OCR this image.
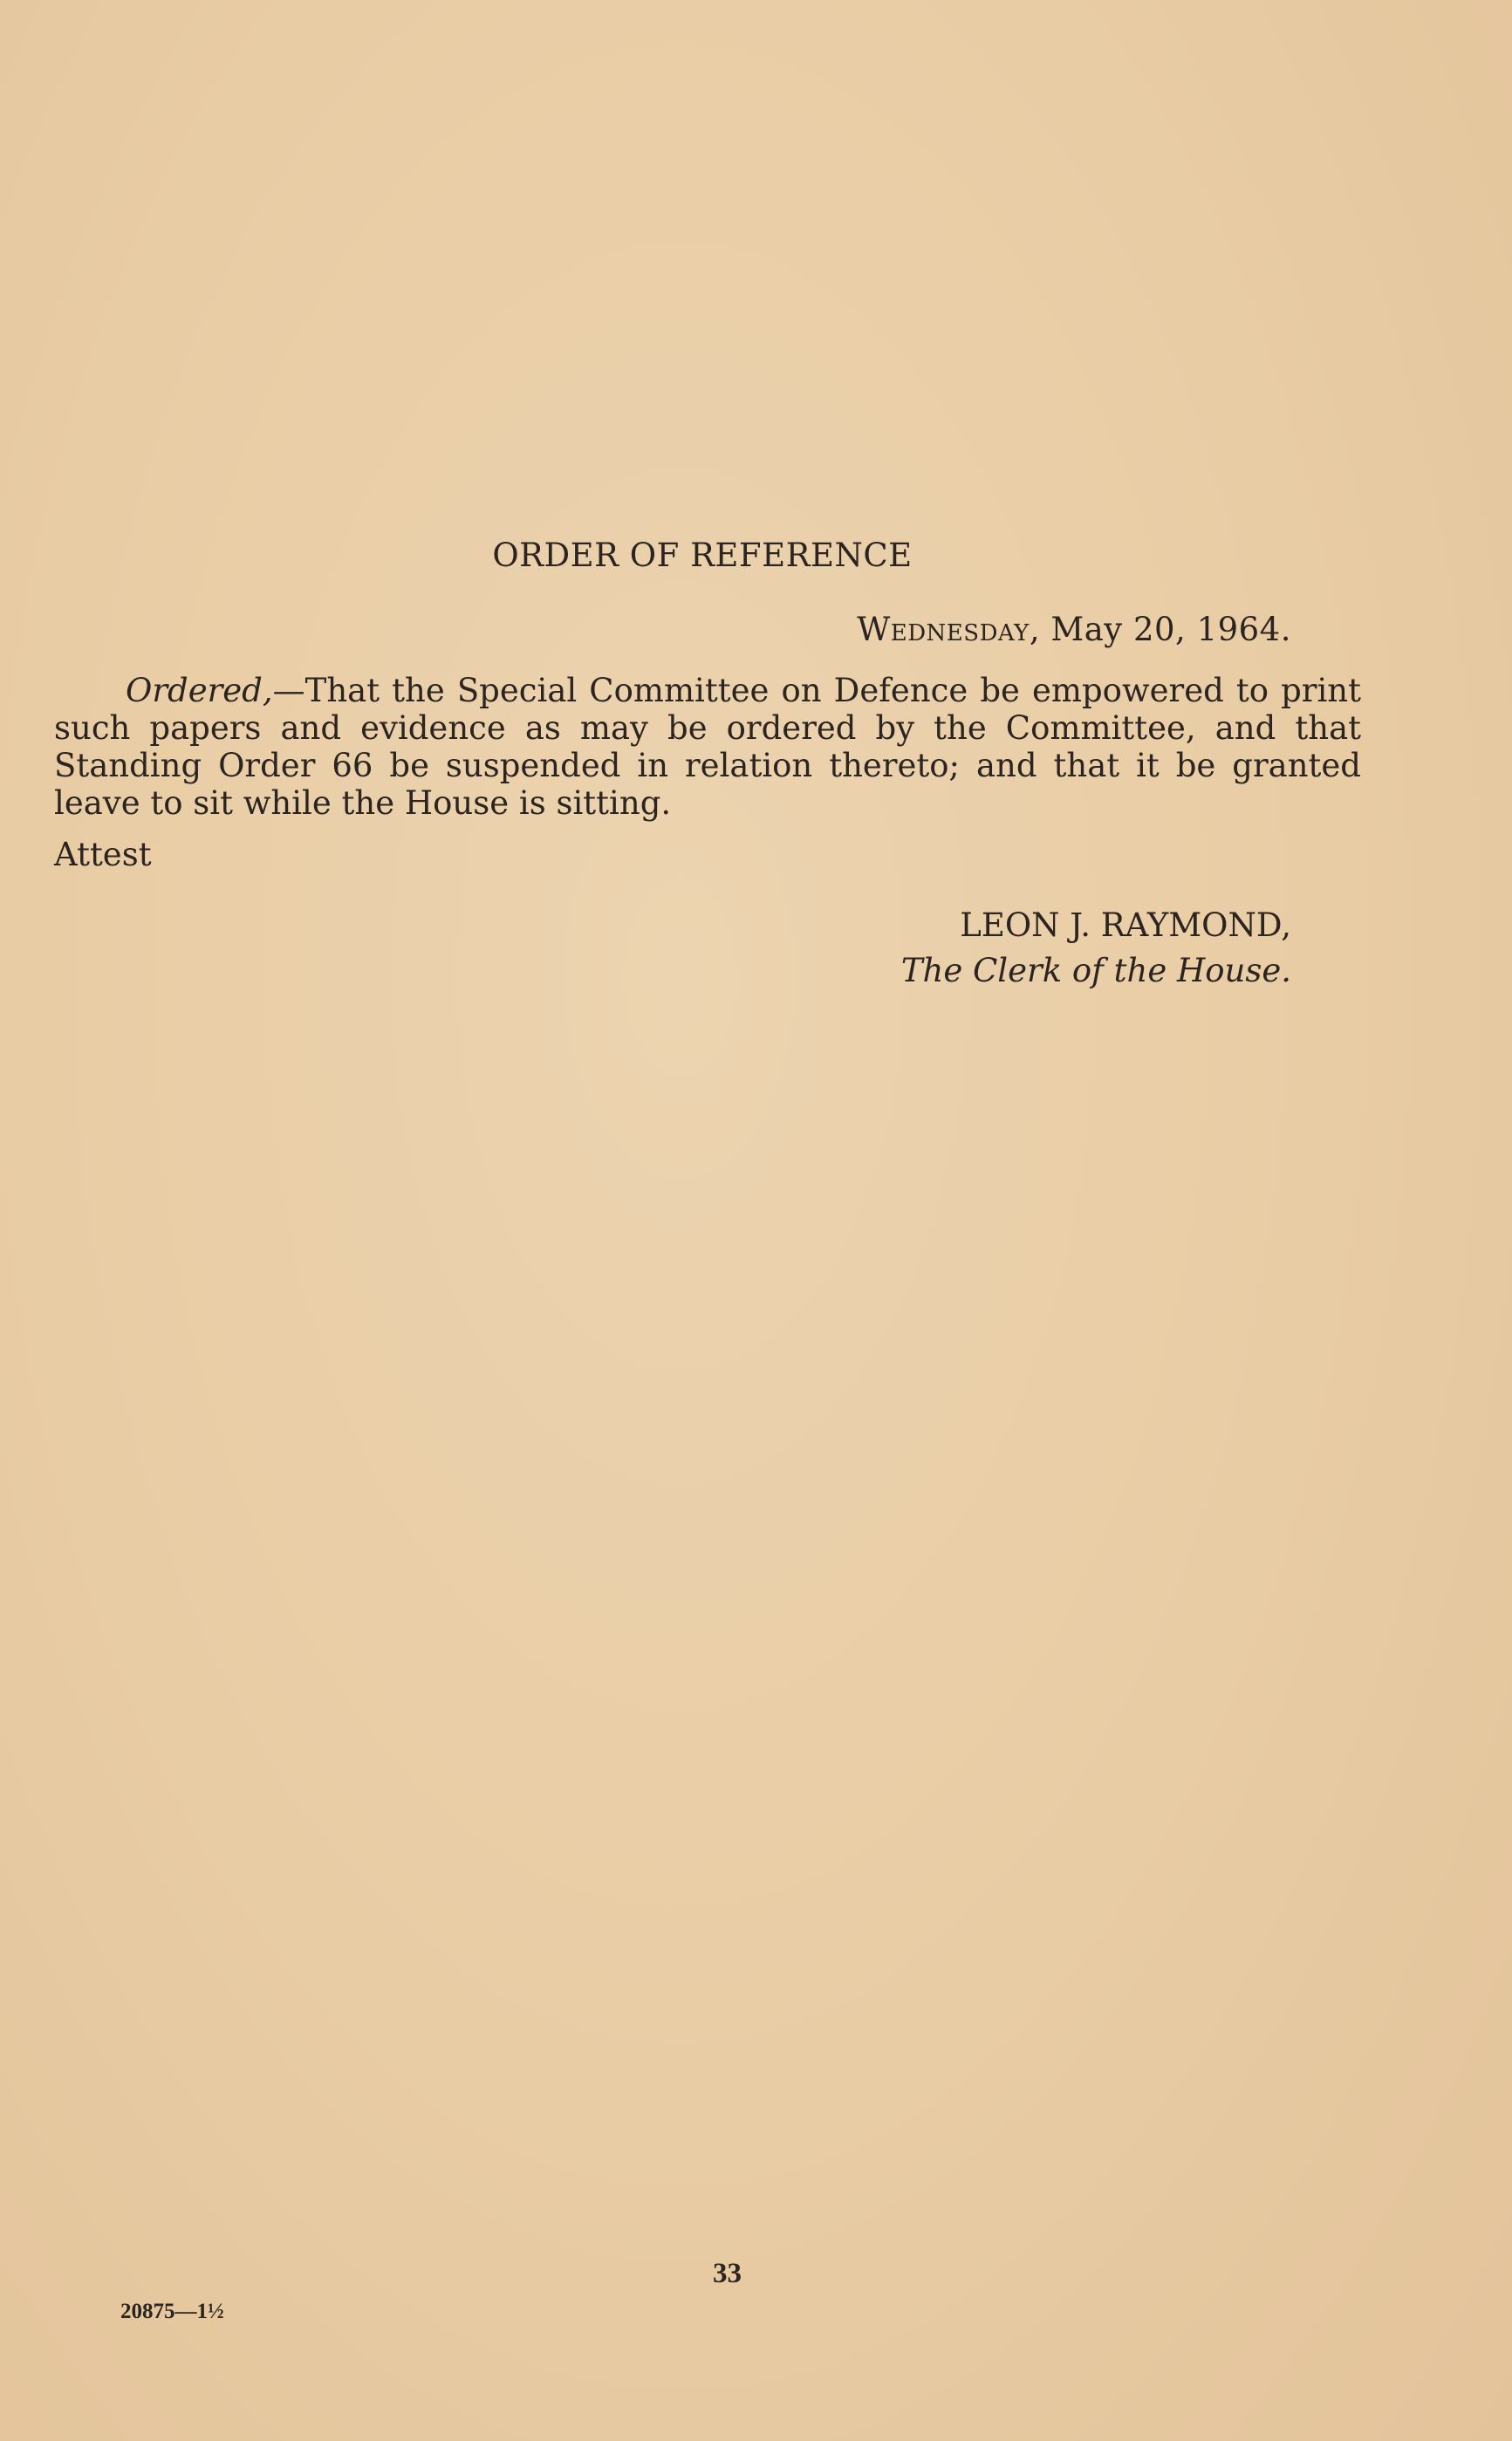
ORDER OF REFERENCE
Wednesday, May 20, 1964.

Ordered,—That the Special Committee on Defence be empowered to print such papers and evidence as may be ordered by the Committee, and that Standing Order 66 be suspended in relation thereto; and that it be granted leave to sit while the House is sitting.

Attest
LEON J. RAYMOND,
The Clerk of the House.
33
20875—1½
